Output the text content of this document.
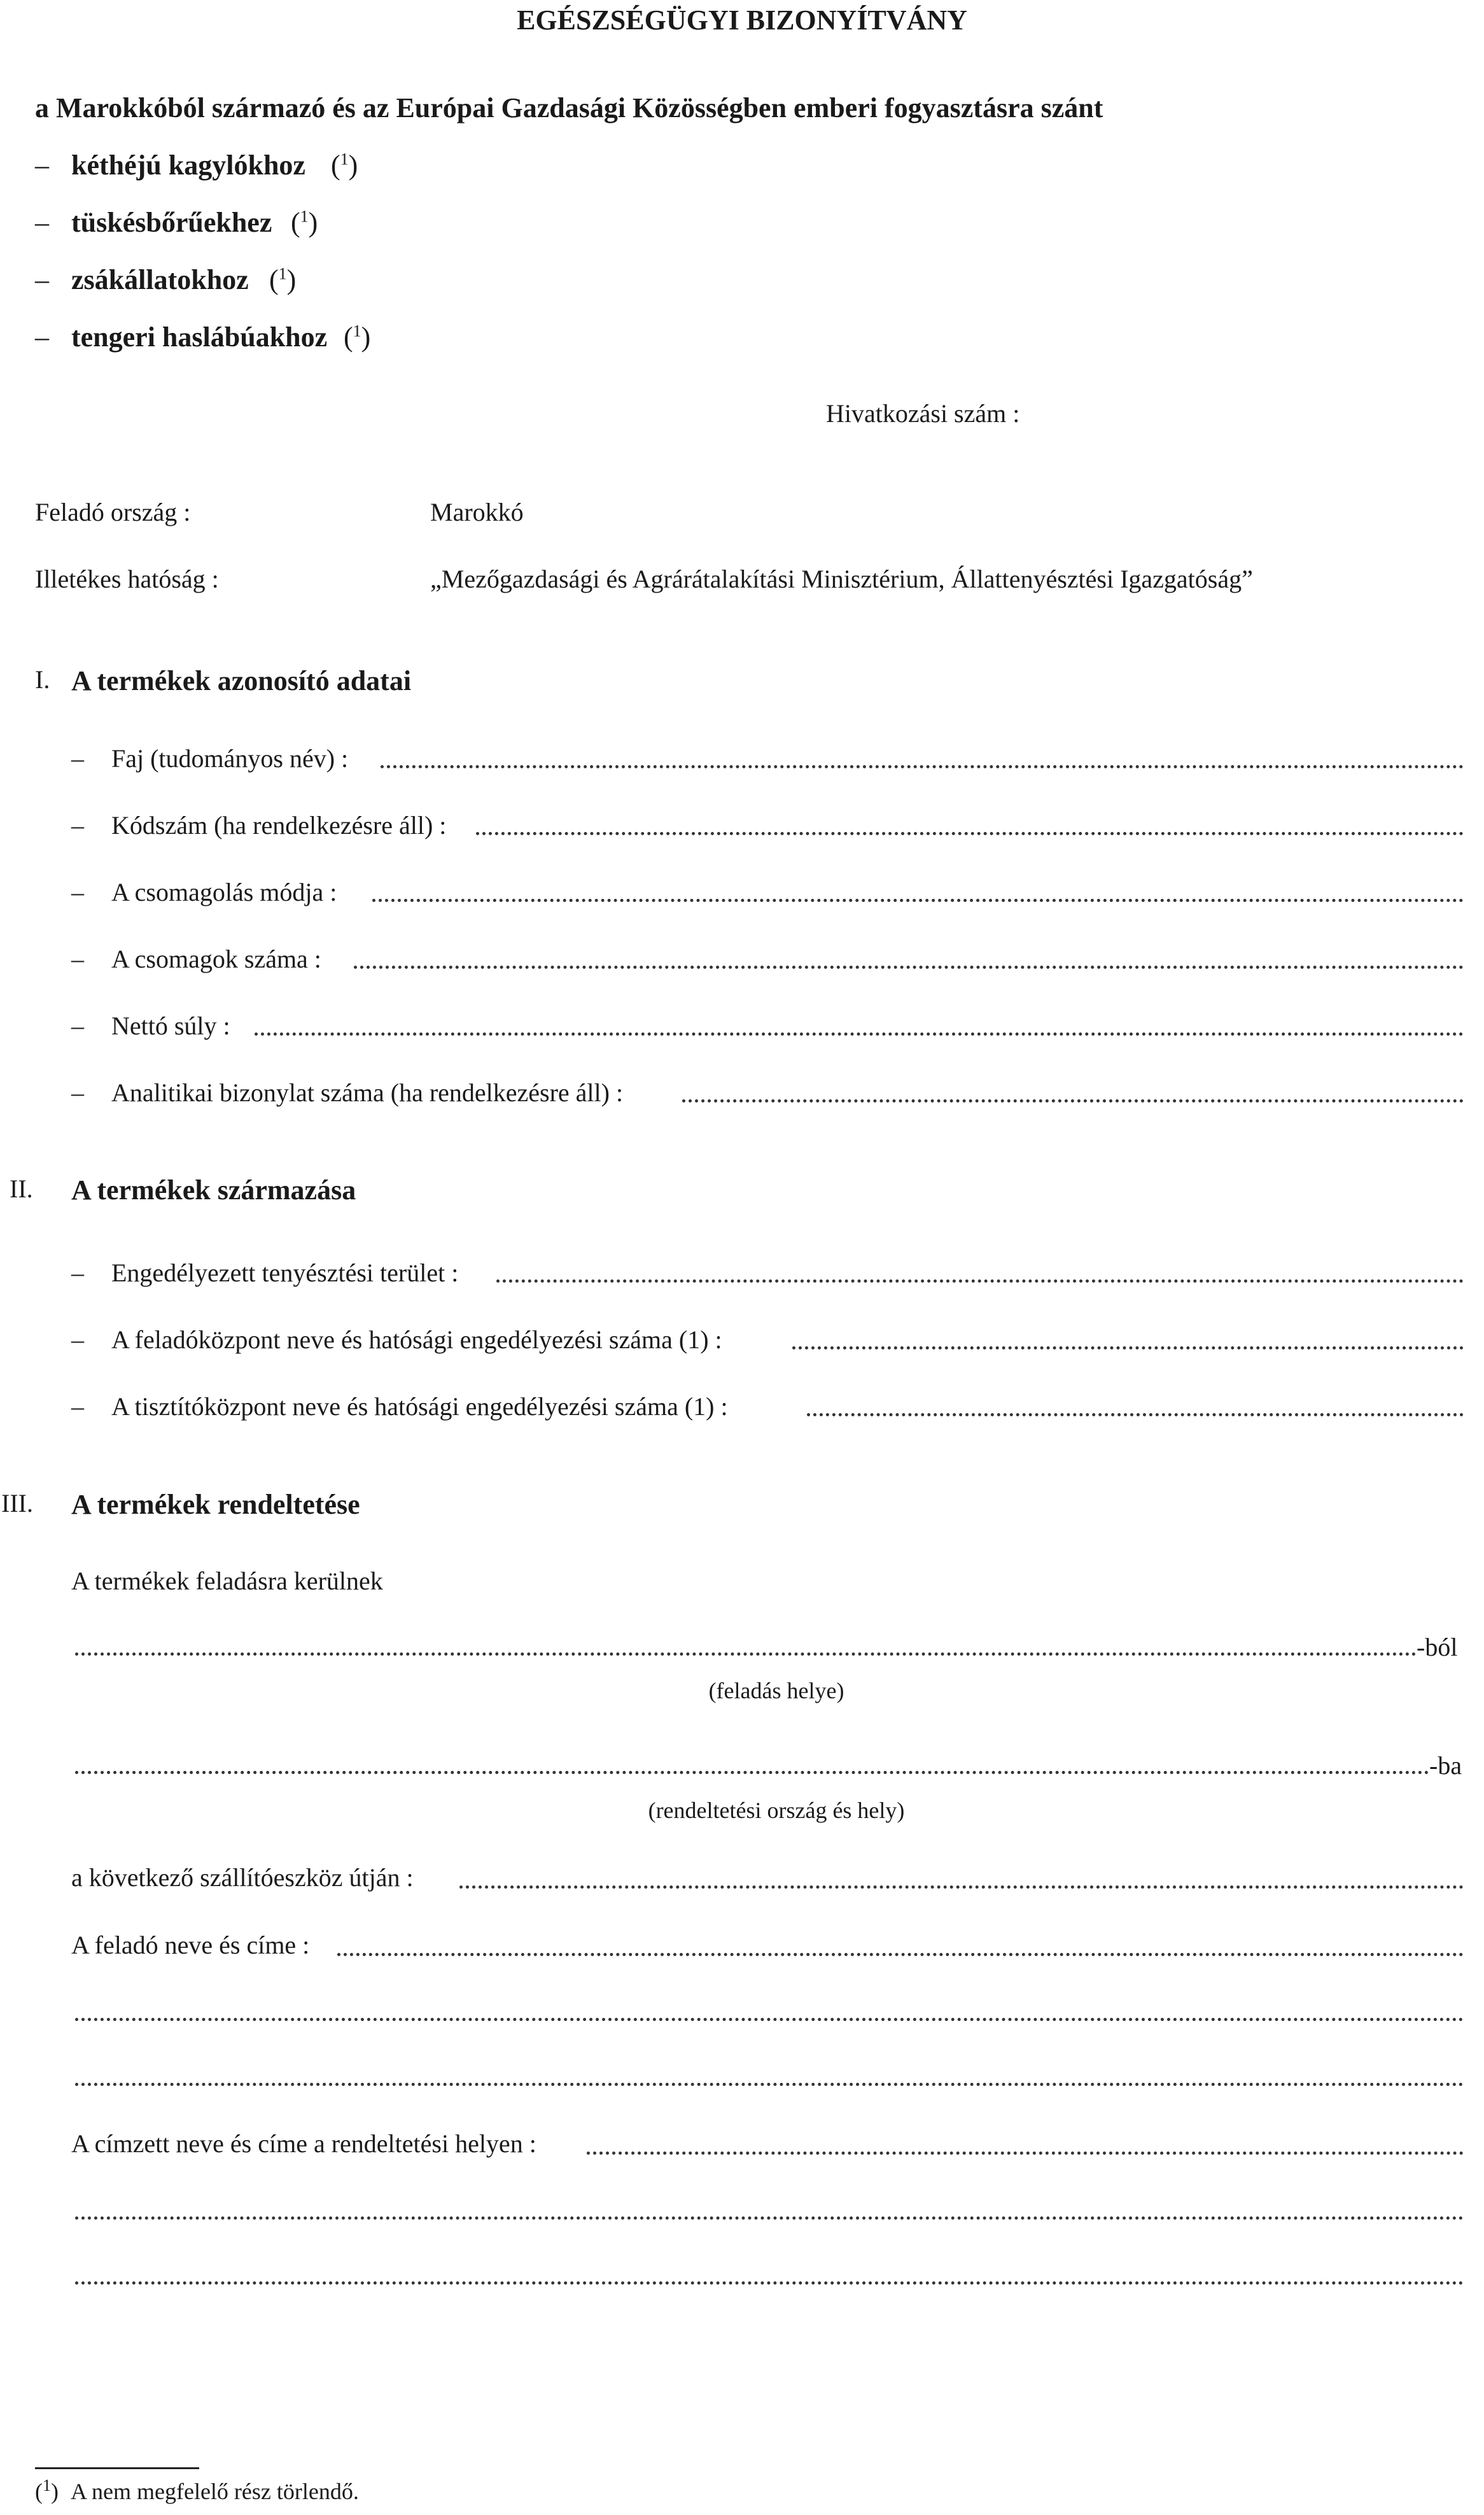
EGÉSZSÉGÜGYI BIZONYÍTVÁNY
a Marokkóból származó és az Európai Gazdasági Közösségben emberi fogyasztásra szánt
– kéthéjú kagylókhoz ($^1$)
– tüskésbőrűekhez ($^1$)
– zsákállatokhoz ($^1$)
– tengeri haslábúakhoz ($^1$)
Hivatkozási szám :
Feladó ország :	Marokkó
Illetékes hatóság :	„Mezőgazdasági és Agrárátalakítási Minisztérium, Állattenyésztési Igazgatóság”
I. A termékek azonosító adatai
– Faj (tudományos név) :
– Kódszám (ha rendelkezésre áll) :
– A csomagolás módja :
– A csomagok száma :
– Nettó súly :
– Analitikai bizonylat száma (ha rendelkezésre áll) :
II. A termékek származása
– Engedélyezett tenyésztési terület :
– A feladóközpont neve és hatósági engedélyezési száma (1) :
– A tisztítóközpont neve és hatósági engedélyezési száma (1) :
III. A termékek rendeltetése
A termékek feladásra kerülnek
-ból
(feladás helye)
-ba
(rendeltetési ország és hely)
a következő szállítóeszköz útján :
A feladó neve és címe :
A címzett neve és címe a rendeltetési helyen :
($^1$) A nem megfelelő rész törlendő.
